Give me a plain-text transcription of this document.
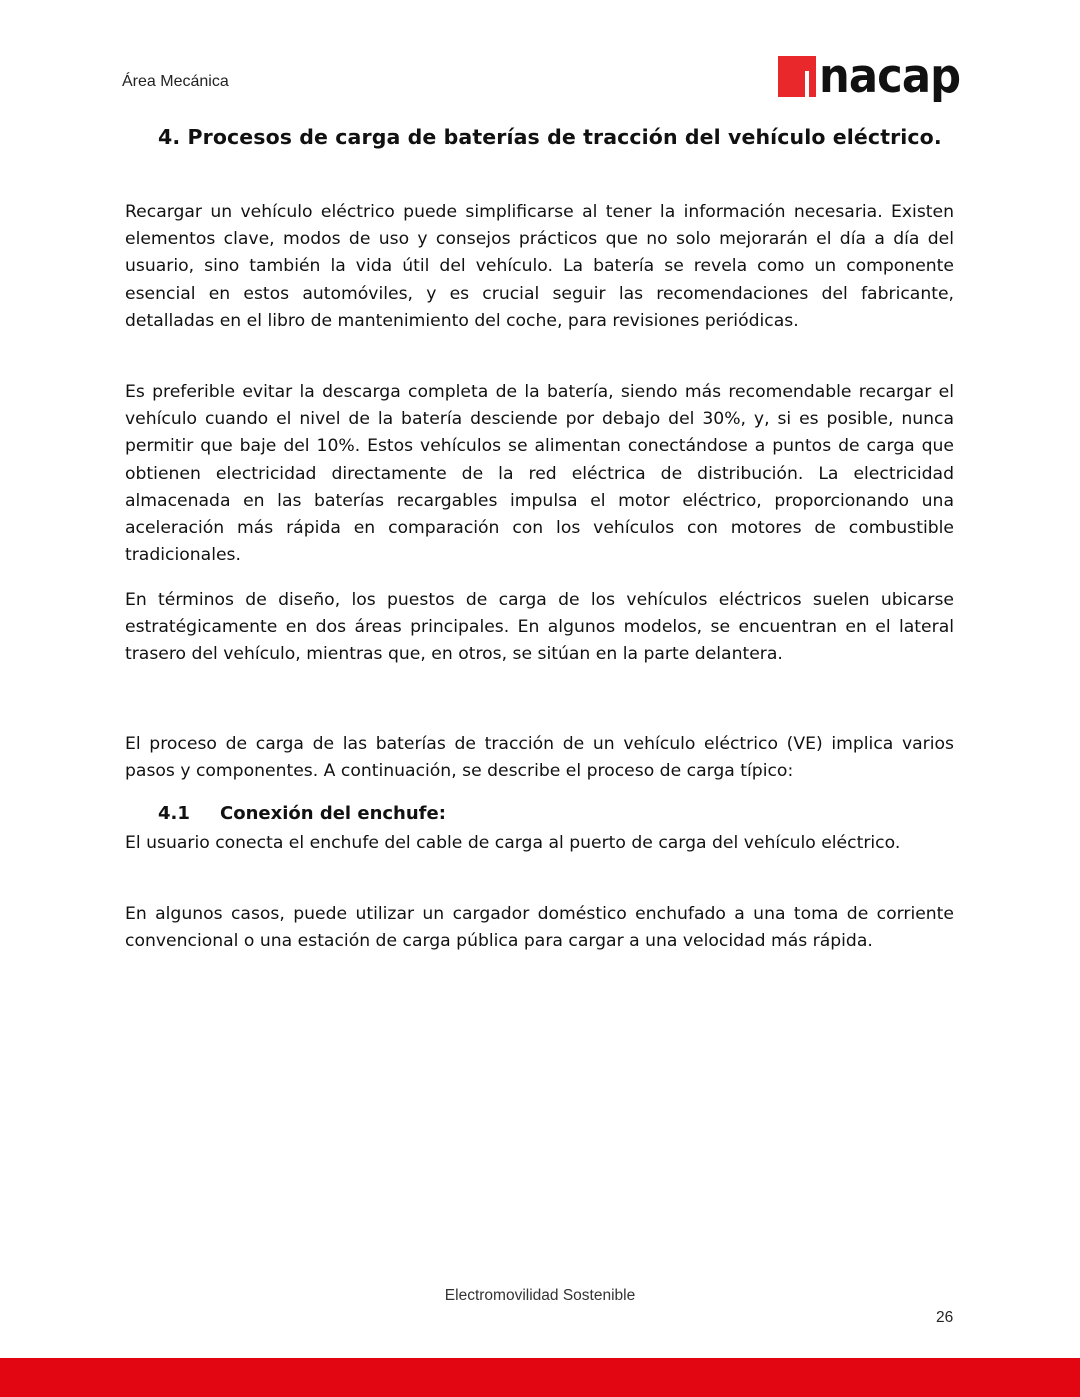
Área Mecánica	nacap
4. Procesos de carga de baterías de tracción del vehículo eléctrico.
Recargar un vehículo eléctrico puede simplificarse al tener la información necesaria. Existen elementos clave, modos de uso y consejos prácticos que no solo mejorarán el día a día del usuario, sino también la vida útil del vehículo. La batería se revela como un componente esencial en estos automóviles, y es crucial seguir las recomendaciones del fabricante, detalladas en el libro de mantenimiento del coche, para revisiones periódicas.
Es preferible evitar la descarga completa de la batería, siendo más recomendable recargar el vehículo cuando el nivel de la batería desciende por debajo del 30%, y, si es posible, nunca permitir que baje del 10%. Estos vehículos se alimentan conectándose a puntos de carga que obtienen electricidad directamente de la red eléctrica de distribución. La electricidad almacenada en las baterías recargables impulsa el motor eléctrico, proporcionando una aceleración más rápida en comparación con los vehículos con motores de combustible tradicionales.
En términos de diseño, los puestos de carga de los vehículos eléctricos suelen ubicarse estratégicamente en dos áreas principales. En algunos modelos, se encuentran en el lateral trasero del vehículo, mientras que, en otros, se sitúan en la parte delantera.
El proceso de carga de las baterías de tracción de un vehículo eléctrico (VE) implica varios pasos y componentes. A continuación, se describe el proceso de carga típico:
4.1 Conexión del enchufe:
El usuario conecta el enchufe del cable de carga al puerto de carga del vehículo eléctrico.
En algunos casos, puede utilizar un cargador doméstico enchufado a una toma de corriente convencional o una estación de carga pública para cargar a una velocidad más rápida.
Electromovilidad Sostenible
26
